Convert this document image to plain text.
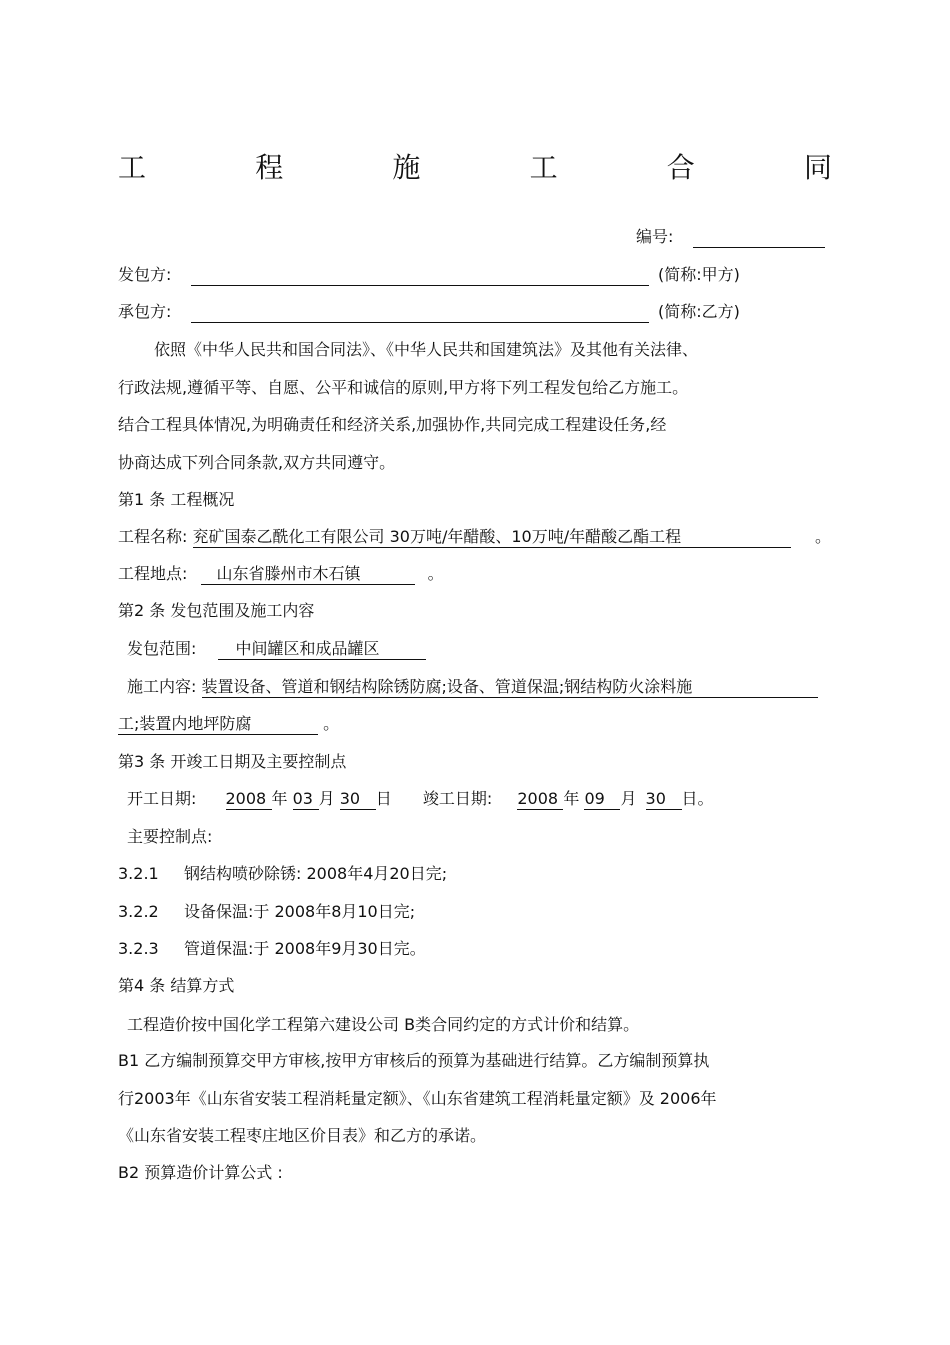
工	程	施	工	合	同
编号:
发包方:	(简称:甲方)
承包方:	(简称:乙方)
依照《中华人民共和国合同法》、《中华人民共和国建筑法》及其他有关法律、
行政法规,遵循平等、自愿、公平和诚信的原则,甲方将下列工程发包给乙方施工。
结合工程具体情况,为明确责任和经济关系,加强协作,共同完成工程建设任务,经
协商达成下列合同条款,双方共同遵守。
第1 条 工程概况
工程名称: 兖矿国泰乙酰化工有限公司 30万吨/年醋酸、10万吨/年醋酸乙酯工程	。
工程地点: 山东省滕州市木石镇	。
第2 条 发包范围及施工内容
发包范围: 中间罐区和成品罐区
施工内容: 装置设备、管道和钢结构除锈防腐;设备、管道保温;钢结构防火涂料施
工;装置内地坪防腐	。
第3 条 开竣工日期及主要控制点
开工日期: 2008 年 03 月 30 日 竣工日期: 2008 年 09 月 30 日。
主要控制点:
3.2.1 钢结构喷砂除锈: 2008年4月20日完;
3.2.2 设备保温:于 2008年8月10日完;
3.2.3 管道保温:于 2008年9月30日完。
第4 条 结算方式
工程造价按中国化学工程第六建设公司 B类合同约定的方式计价和结算。
B1 乙方编制预算交甲方审核,按甲方审核后的预算为基础进行结算。乙方编制预算执
行2003年《山东省安装工程消耗量定额》、《山东省建筑工程消耗量定额》及 2006年
《山东省安装工程枣庄地区价目表》和乙方的承诺。
B2 预算造价计算公式 :
